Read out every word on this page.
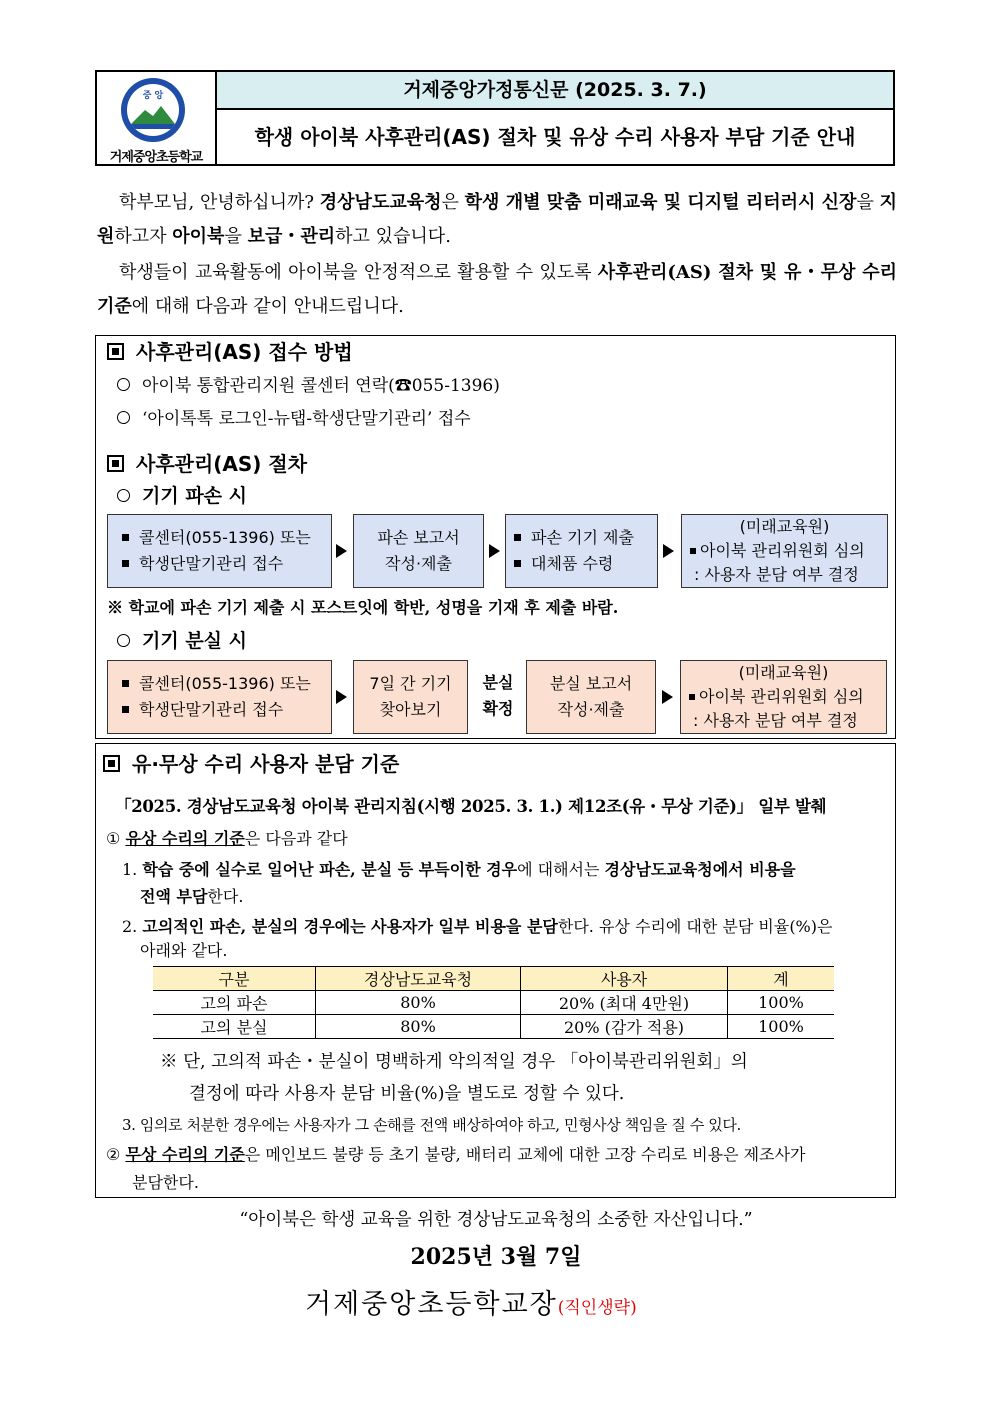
중 앙
거제중앙초등학교
거제중앙가정통신문 (2025. 3. 7.)
학생 아이북 사후관리(AS) 절차 및 유상 수리 사용자 부담 기준 안내
학부모님, 안녕하십니까? 경상남도교육청은 학생 개별 맞춤 미래교육 및 디지털 리터러시 신장을 지원하고자 아이북을 보급・관리하고 있습니다.
학생들이 교육활동에 아이북을 안정적으로 활용할 수 있도록 사후관리(AS) 절차 및 유・무상 수리 기준에 대해 다음과 같이 안내드립니다.
사후관리(AS) 접수 방법
아이북 통합관리지원 콜센터 연락(☎055-1396)
‘아이톡톡 로그인-뉴탭-학생단말기관리’ 접수
사후관리(AS) 절차
기기 파손 시
콜센터(055-1396) 또는
학생단말기관리 접수
파손 보고서
작성·제출
파손 기기 제출
대체품 수령
(미래교육원)
아이북 관리위원회 심의
: 사용자 분담 여부 결정
※ 학교에 파손 기기 제출 시 포스트잇에 학반, 성명을 기재 후 제출 바람.
기기 분실 시
콜센터(055-1396) 또는
학생단말기관리 접수
7일 간 기기
찾아보기
분실
확정
분실 보고서
작성·제출
(미래교육원)
아이북 관리위원회 심의
: 사용자 분담 여부 결정
유·무상 수리 사용자 분담 기준
「2025. 경상남도교육청 아이북 관리지침(시행 2025. 3. 1.) 제12조(유・무상 기준)」 일부 발췌
① 유상 수리의 기준은 다음과 같다
1. 학습 중에 실수로 일어난 파손, 분실 등 부득이한 경우에 대해서는 경상남도교육청에서 비용을
전액 부담한다.
2. 고의적인 파손, 분실의 경우에는 사용자가 일부 비용을 분담한다. 유상 수리에 대한 분담 비율(%)은
아래와 같다.
구분	경상남도교육청	사용자	계
고의 파손	80%	20% (최대 4만원)	100%
고의 분실	80%	20% (감가 적용)	100%
※ 단, 고의적 파손・분실이 명백하게 악의적일 경우 「아이북관리위원회」의
결정에 따라 사용자 분담 비율(%)을 별도로 정할 수 있다.
3. 임의로 처분한 경우에는 사용자가 그 손해를 전액 배상하여야 하고, 민형사상 책임을 질 수 있다.
② 무상 수리의 기준은 메인보드 불량 등 초기 불량, 배터리 교체에 대한 고장 수리로 비용은 제조사가
분담한다.
“아이북은 학생 교육을 위한 경상남도교육청의 소중한 자산입니다.”
2025년 3월 7일
거제중앙초등학교장(직인생략)
